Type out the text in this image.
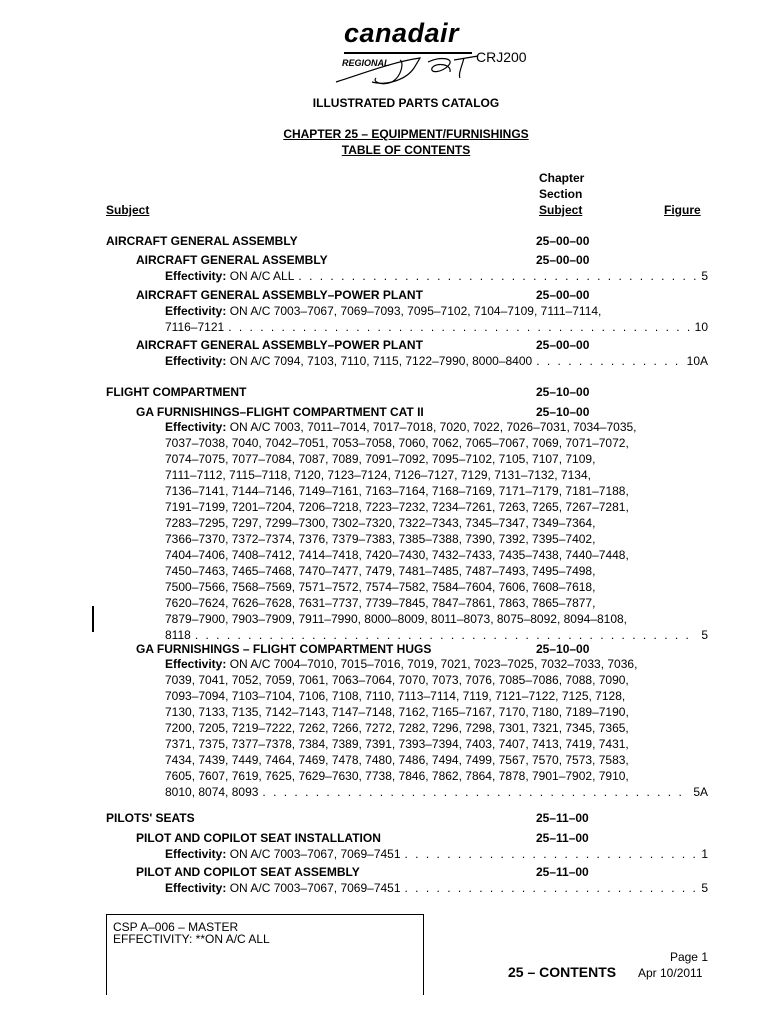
canadair
REGIONAL	CRJ200
ILLUSTRATED PARTS CATALOG
CHAPTER 25 – EQUIPMENT/FURNISHINGS
TABLE OF CONTENTS
Chapter
Section
Subject
Subject	Figure
AIRCRAFT GENERAL ASSEMBLY	25–00–00
AIRCRAFT GENERAL ASSEMBLY	25–00–00
Effectivity:
ON A/C ALL . . .	5
AIRCRAFT GENERAL ASSEMBLY–POWER PLANT	25–00–00
Effectivity: ON A/C 7003–7067, 7069–7093, 7095–7102, 7104–7109, 7111–7114,
7116–7121 . . .	10
AIRCRAFT GENERAL ASSEMBLY–POWER PLANT	25–00–00
Effectivity:
ON A/C 7094, 7103, 7110, 7115, 7122–7990, 8000–8400 . . .	10A
FLIGHT COMPARTMENT	25–10–00
GA FURNISHINGS–FLIGHT COMPARTMENT CAT II	25–10–00
Effectivity: ON A/C 7003, 7011–7014, 7017–7018, 7020, 7022, 7026–7031, 7034–7035,
7037–7038, 7040, 7042–7051, 7053–7058, 7060, 7062, 7065–7067, 7069, 7071–7072,
7074–7075, 7077–7084, 7087, 7089, 7091–7092, 7095–7102, 7105, 7107, 7109,
7111–7112, 7115–7118, 7120, 7123–7124, 7126–7127, 7129, 7131–7132, 7134,
7136–7141, 7144–7146, 7149–7161, 7163–7164, 7168–7169, 7171–7179, 7181–7188,
7191–7199, 7201–7204, 7206–7218, 7223–7232, 7234–7261, 7263, 7265, 7267–7281,
7283–7295, 7297, 7299–7300, 7302–7320, 7322–7343, 7345–7347, 7349–7364,
7366–7370, 7372–7374, 7376, 7379–7383, 7385–7388, 7390, 7392, 7395–7402,
7404–7406, 7408–7412, 7414–7418, 7420–7430, 7432–7433, 7435–7438, 7440–7448,
7450–7463, 7465–7468, 7470–7477, 7479, 7481–7485, 7487–7493, 7495–7498,
7500–7566, 7568–7569, 7571–7572, 7574–7582, 7584–7604, 7606, 7608–7618,
7620–7624, 7626–7628, 7631–7737, 7739–7845, 7847–7861, 7863, 7865–7877,
7879–7900, 7903–7909, 7911–7990, 8000–8009, 8011–8073, 8075–8092, 8094–8108,
8118 . . .	5
GA FURNISHINGS – FLIGHT COMPARTMENT HUGS	25–10–00
Effectivity: ON A/C 7004–7010, 7015–7016, 7019, 7021, 7023–7025, 7032–7033, 7036,
7039, 7041, 7052, 7059, 7061, 7063–7064, 7070, 7073, 7076, 7085–7086, 7088, 7090,
7093–7094, 7103–7104, 7106, 7108, 7110, 7113–7114, 7119, 7121–7122, 7125, 7128,
7130, 7133, 7135, 7142–7143, 7147–7148, 7162, 7165–7167, 7170, 7180, 7189–7190,
7200, 7205, 7219–7222, 7262, 7266, 7272, 7282, 7296, 7298, 7301, 7321, 7345, 7365,
7371, 7375, 7377–7378, 7384, 7389, 7391, 7393–7394, 7403, 7407, 7413, 7419, 7431,
7434, 7439, 7449, 7464, 7469, 7478, 7480, 7486, 7494, 7499, 7567, 7570, 7573, 7583,
7605, 7607, 7619, 7625, 7629–7630, 7738, 7846, 7862, 7864, 7878, 7901–7902, 7910,
8010, 8074, 8093 . . .	5A
PILOTS' SEATS	25–11–00
PILOT AND COPILOT SEAT INSTALLATION	25–11–00
Effectivity:
ON A/C 7003–7067, 7069–7451 . . .	1
PILOT AND COPILOT SEAT ASSEMBLY	25–11–00
Effectivity:
ON A/C 7003–7067, 7069–7451 . . .	5
CSP A–006 – MASTER
EFFECTIVITY: **ON A/C ALL
Page 1
25 – CONTENTS Apr 10/2011
